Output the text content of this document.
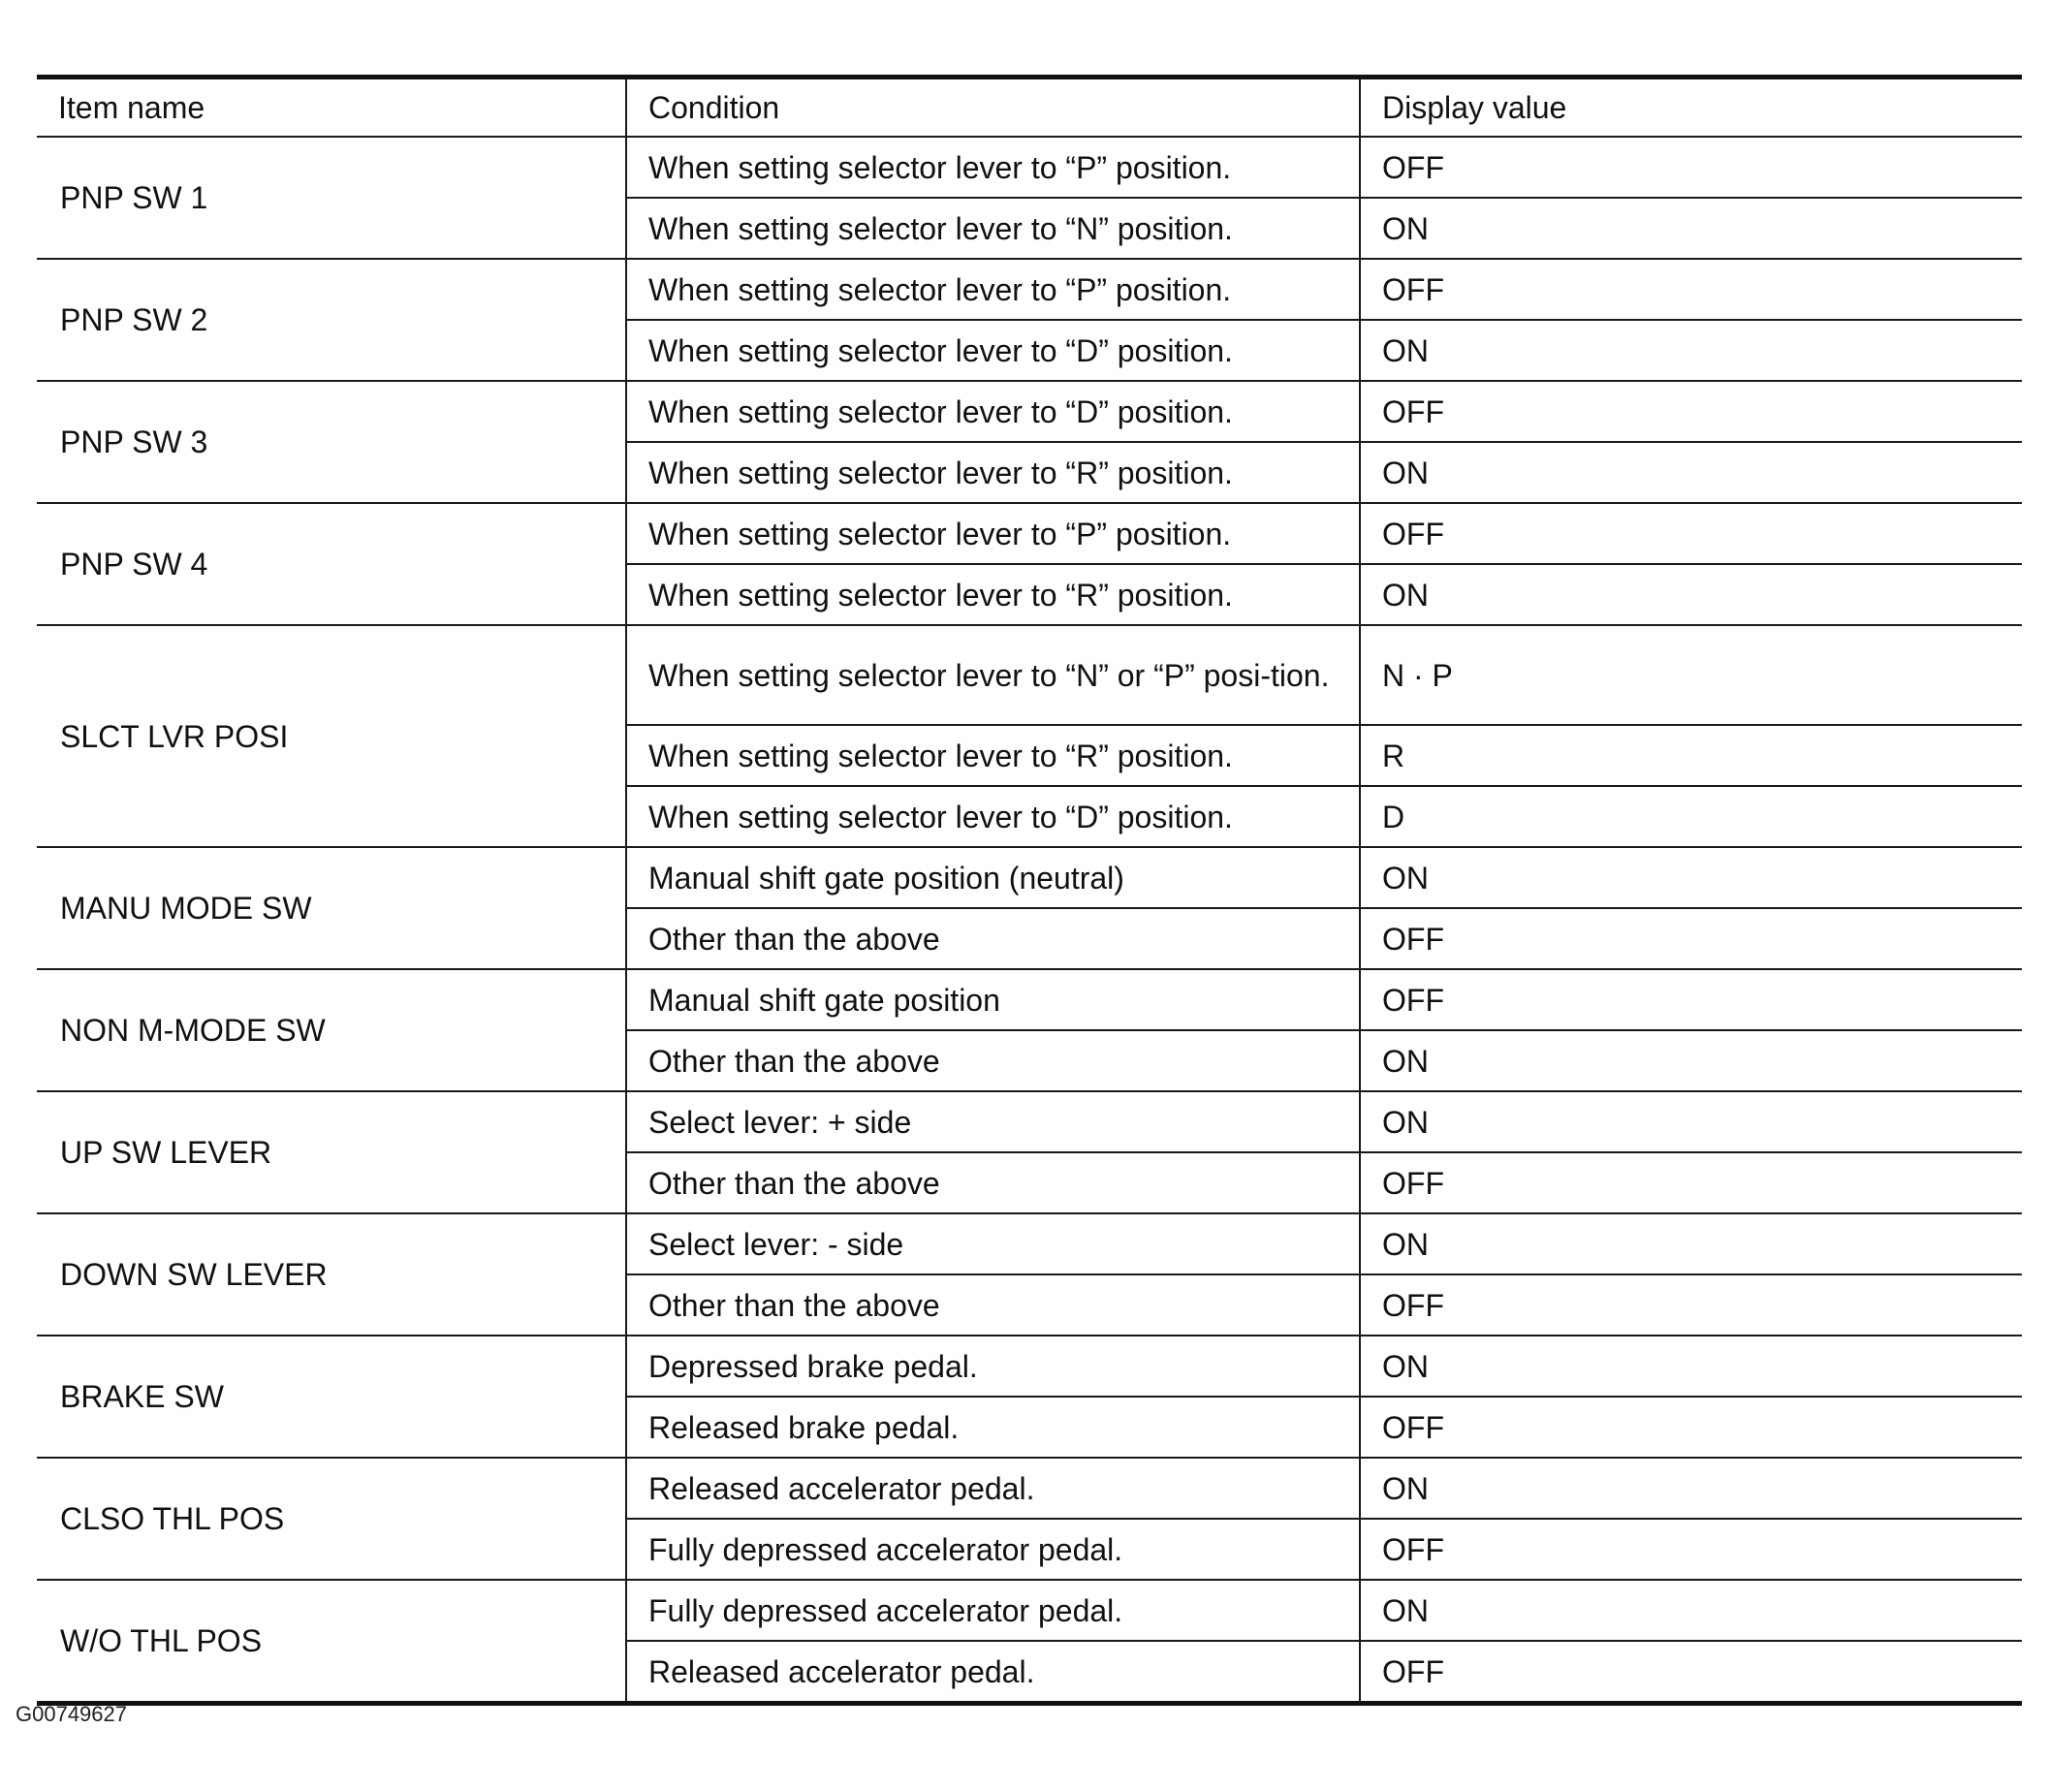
Item name	Condition	Display value
PNP SW 1	When setting selector lever to “P” position.	OFF
	When setting selector lever to “N” position.	ON
PNP SW 2	When setting selector lever to “P” position.	OFF
	When setting selector lever to “D” position.	ON
PNP SW 3	When setting selector lever to “D” position.	OFF
	When setting selector lever to “R” position.	ON
PNP SW 4	When setting selector lever to “P” position.	OFF
	When setting selector lever to “R” position.	ON
SLCT LVR POSI	When setting selector lever to “N” or “P” posi-tion.	N · P
	When setting selector lever to “R” position.	R
	When setting selector lever to “D” position.	D
MANU MODE SW	Manual shift gate position (neutral)	ON
	Other than the above	OFF
NON M-MODE SW	Manual shift gate position	OFF
	Other than the above	ON
UP SW LEVER	Select lever: + side	ON
	Other than the above	OFF
DOWN SW LEVER	Select lever: - side	ON
	Other than the above	OFF
BRAKE SW	Depressed brake pedal.	ON
	Released brake pedal.	OFF
CLSO THL POS	Released accelerator pedal.	ON
	Fully depressed accelerator pedal.	OFF
W/O THL POS	Fully depressed accelerator pedal.	ON
	Released accelerator pedal.	OFF
G00749627
